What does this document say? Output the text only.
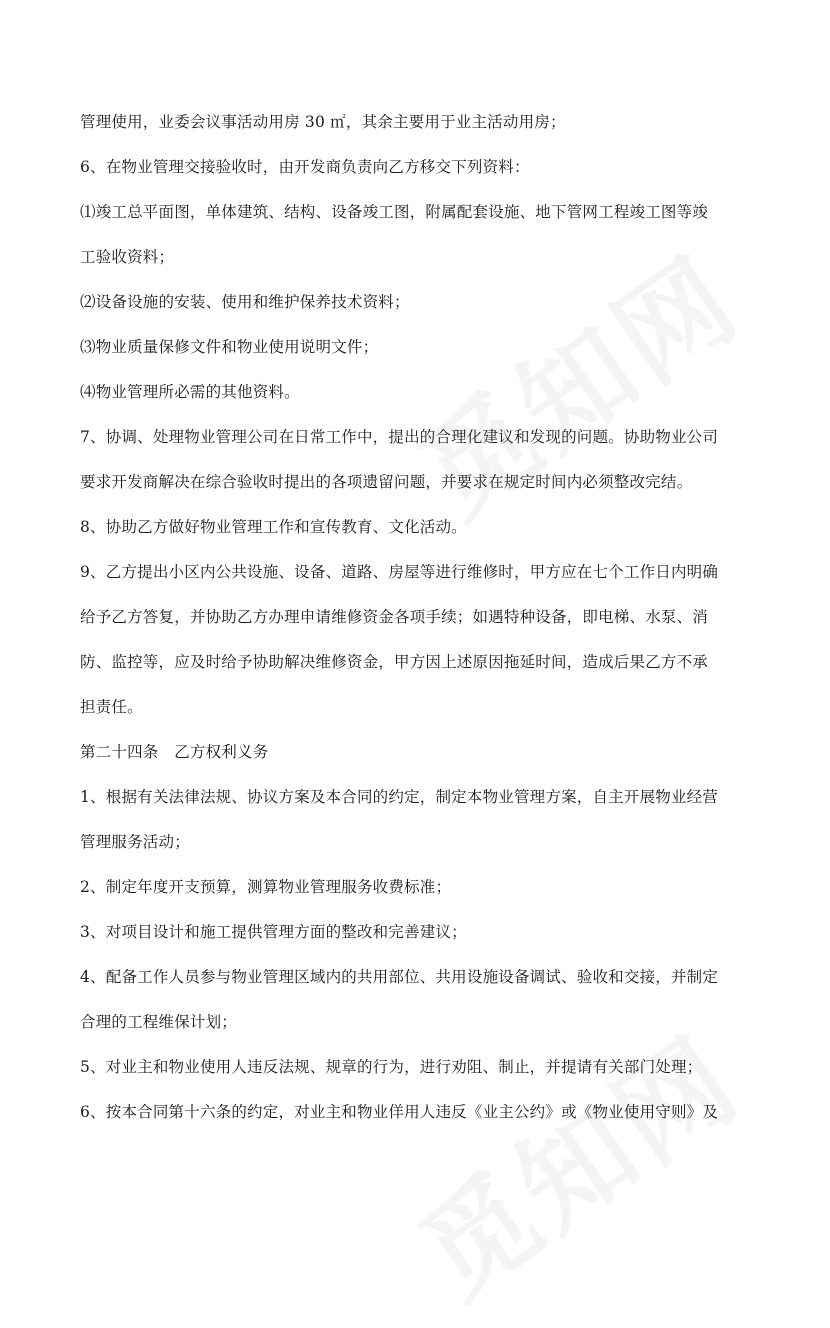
管理使用，业委会议事活动用房 30 ㎡，其余主要用于业主活动用房；

6、在物业管理交接验收时，由开发商负责向乙方移交下列资料：

⑴竣工总平面图，单体建筑、结构、设备竣工图，附属配套设施、地下管网工程竣工图等竣

工验收资料；

⑵设备设施的安装、使用和维护保养技术资料；

⑶物业质量保修文件和物业使用说明文件；

⑷物业管理所必需的其他资料。

7、协调、处理物业管理公司在日常工作中，提出的合理化建议和发现的问题。协助物业公司

要求开发商解决在综合验收时提出的各项遗留问题，并要求在规定时间内必须整改完结。

8、协助乙方做好物业管理工作和宣传教育、文化活动。

9、乙方提出小区内公共设施、设备、道路、房屋等进行维修时，甲方应在七个工作日内明确

给予乙方答复，并协助乙方办理申请维修资金各项手续；如遇特种设备，即电梯、水泵、消

防、监控等，应及时给予协助解决维修资金，甲方因上述原因拖延时间，造成后果乙方不承

担责任。

第二十四条　乙方权利义务

1、根据有关法律法规、协议方案及本合同的约定，制定本物业管理方案，自主开展物业经营

管理服务活动；

2、制定年度开支预算，测算物业管理服务收费标准；

3、对项目设计和施工提供管理方面的整改和完善建议；

4、配备工作人员参与物业管理区域内的共用部位、共用设施设备调试、验收和交接，并制定

合理的工程维保计划；

5、对业主和物业使用人违反法规、规章的行为，进行劝阻、制止，并提请有关部门处理；

6、按本合同第十六条的约定，对业主和物业佯用人违反《业主公约》或《物业使用守则》及
